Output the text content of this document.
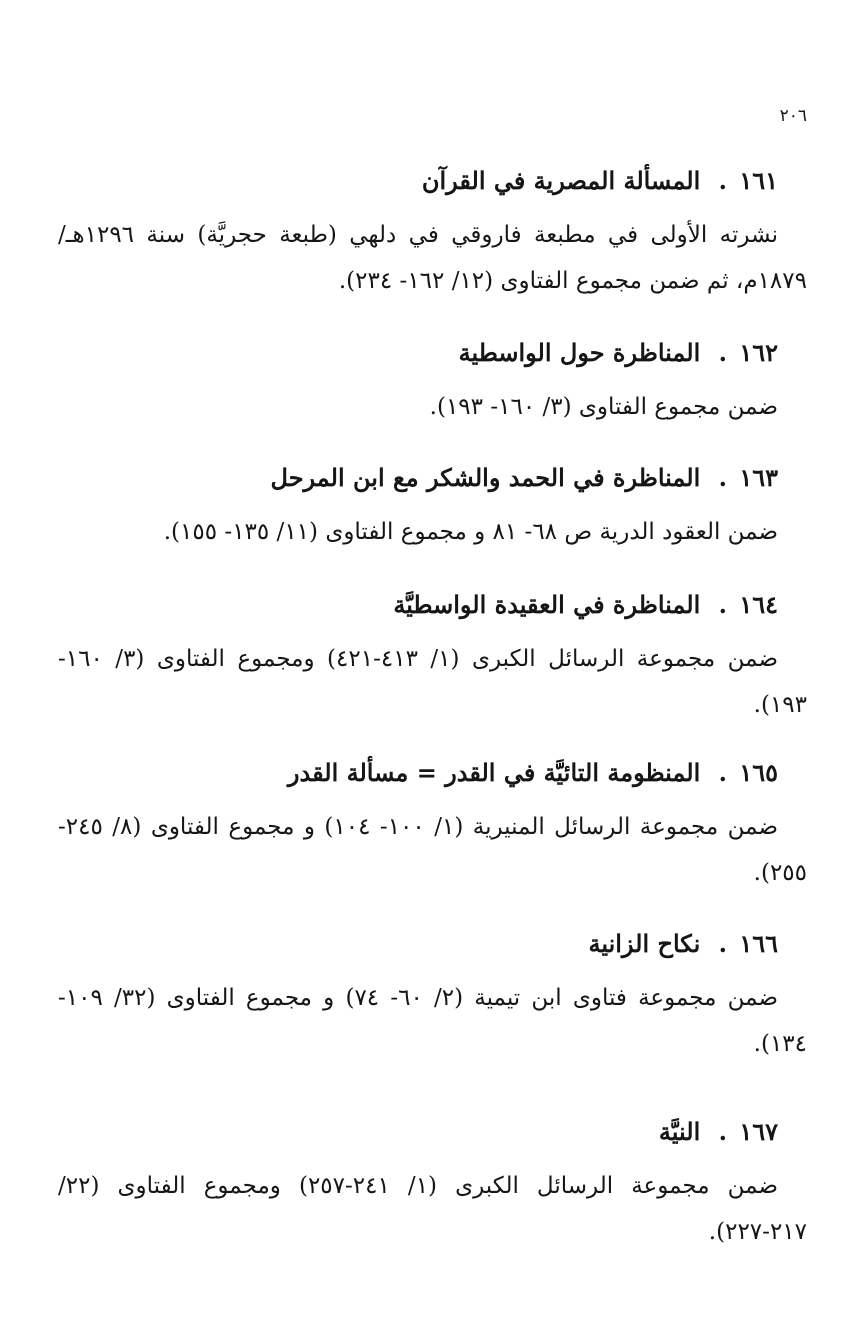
٢٠٦
١٦١ . المسألة المصرية في القرآن
نشرته الأولى في مطبعة فاروقي في دلهي (طبعة حجريَّة) سنة ١٢٩٦هـ/ ١٨٧٩م، ثم ضمن مجموع الفتاوى (١٢/ ١٦٢- ٢٣٤).
١٦٢ . المناظرة حول الواسطية
ضمن مجموع الفتاوى (٣/ ١٦٠- ١٩٣).
١٦٣ . المناظرة في الحمد والشكر مع ابن المرحل
ضمن العقود الدرية ص ٦٨- ٨١ و مجموع الفتاوى (١١/ ١٣٥- ١٥٥).
١٦٤ . المناظرة في العقيدة الواسطيَّة
ضمن مجموعة الرسائل الكبرى (١/ ٤١٣-٤٢١) ومجموع الفتاوى (٣/ ١٦٠- ١٩٣).
١٦٥ . المنظومة التائيَّة في القدر = مسألة القدر
ضمن مجموعة الرسائل المنيرية (١/ ١٠٠- ١٠٤) و مجموع الفتاوى (٨/ ٢٤٥- ٢٥٥).
١٦٦ . نكاح الزانية
ضمن مجموعة فتاوى ابن تيمية (٢/ ٦٠- ٧٤) و مجموع الفتاوى (٣٢/ ١٠٩- ١٣٤).
١٦٧ . النيَّة
ضمن مجموعة الرسائل الكبرى (١/ ٢٤١-٢٥٧) ومجموع الفتاوى (٢٢/ ٢١٧-٢٢٧).
